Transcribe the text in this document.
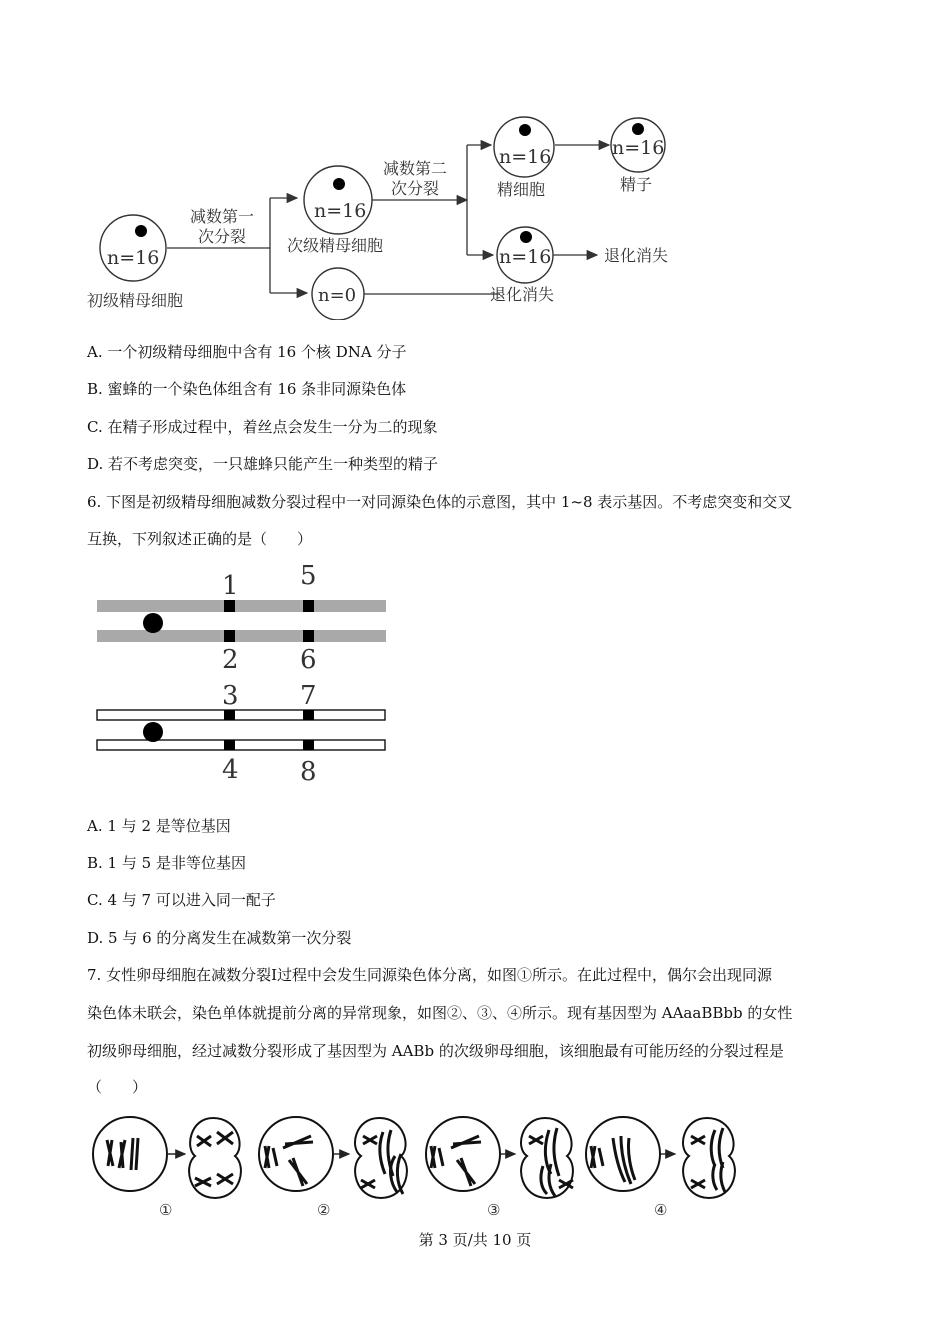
n=16
初级精母细胞
减数第一
次分裂
n=16
次级精母细胞
n=0	退化消失
减数第二
次分裂
n=16
精细胞
n=16
精子
n=16	退化消失
A. 一个初级精母细胞中含有 16 个核 DNA 分子
B. 蜜蜂的一个染色体组含有 16 条非同源染色体
C. 在精子形成过程中，着丝点会发生一分为二的现象
D. 若不考虑突变，一只雄蜂只能产生一种类型的精子
6. 下图是初级精母细胞减数分裂过程中一对同源染色体的示意图，其中 1~8 表示基因。不考虑突变和交叉
互换，下列叙述正确的是（　　）
1 5
2 6
3 7
4 8
A. 1 与 2 是等位基因
B. 1 与 5 是非等位基因
C. 4 与 7 可以进入同一配子
D. 5 与 6 的分离发生在减数第一次分裂
7. 女性卵母细胞在减数分裂Ⅰ过程中会发生同源染色体分离，如图①所示。在此过程中，偶尔会出现同源
染色体未联会，染色单体就提前分离的异常现象，如图②、③、④所示。现有基因型为 AAaaBBbb 的女性
初级卵母细胞，经过减数分裂形成了基因型为 AABb 的次级卵母细胞，该细胞最有可能历经的分裂过程是
（　　）
①	②	③	④
第 3 页/共 10 页
